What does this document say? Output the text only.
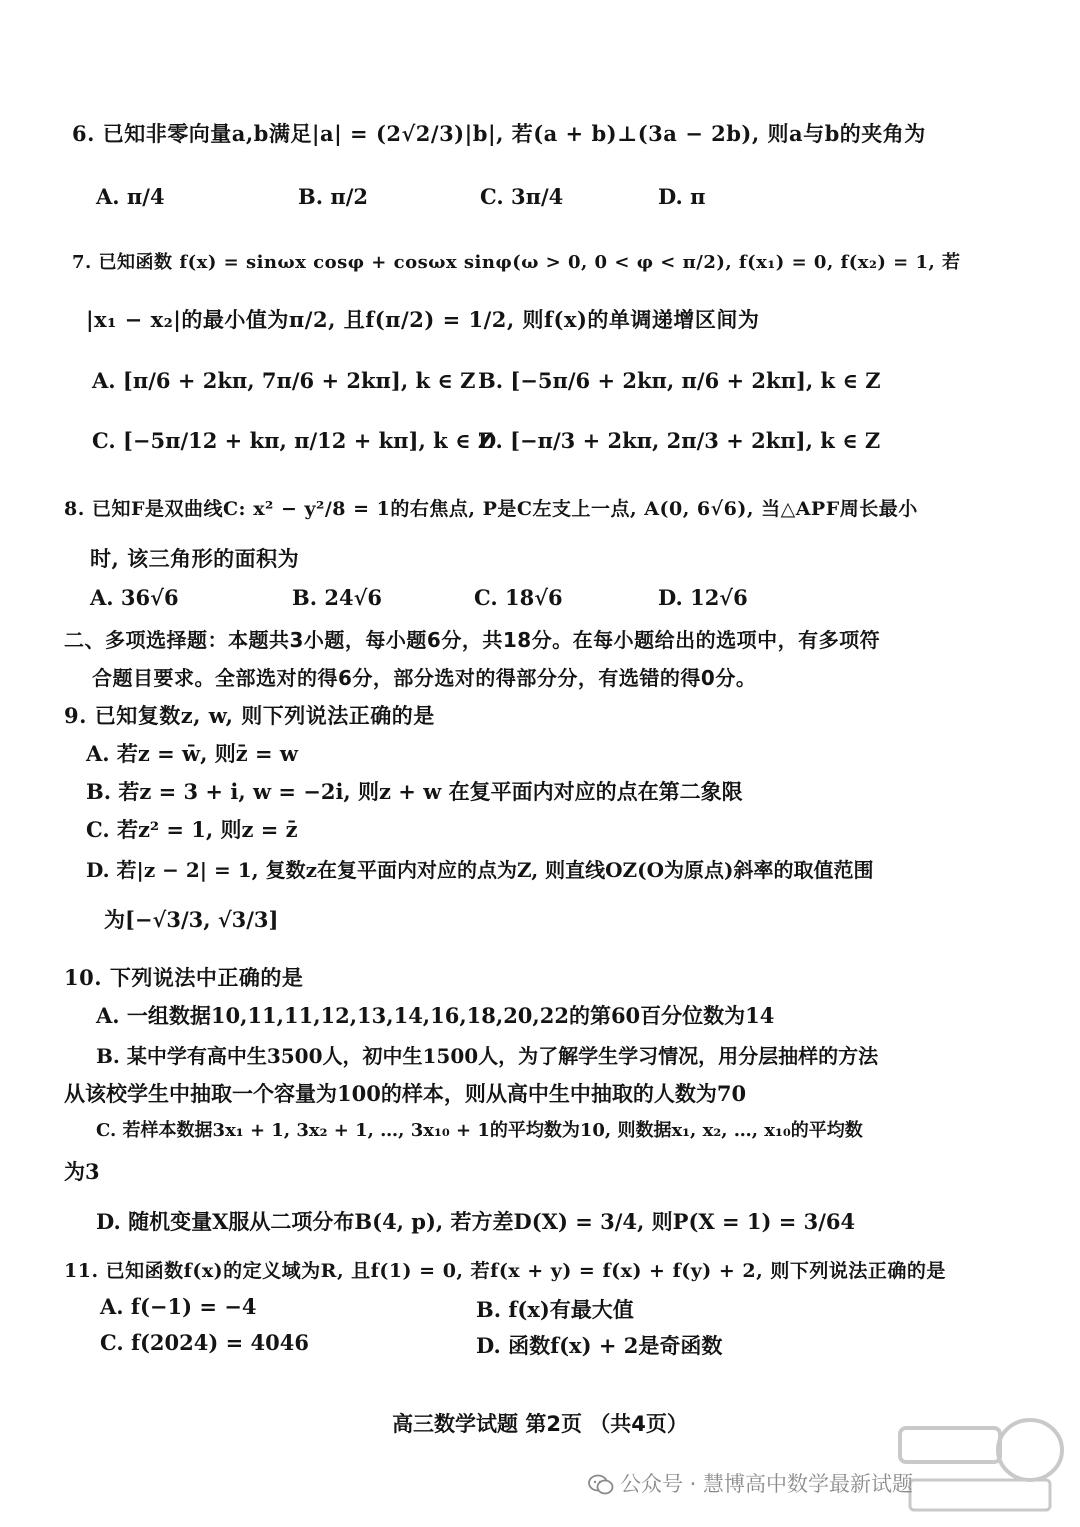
6. 已知非零向量a,b满足|a| = (2√2/3)|b|, 若(a + b)⊥(3a − 2b), 则a与b的夹角为
A. π/4	B. π/2	C. 3π/4	D. π
7. 已知函数 f(x) = sinωx cosφ + cosωx sinφ(ω > 0, 0 < φ < π/2), f(x₁) = 0, f(x₂) = 1, 若
|x₁ − x₂|的最小值为π/2, 且f(π/2) = 1/2, 则f(x)的单调递增区间为
A. [π/6 + 2kπ, 7π/6 + 2kπ], k ∈ Z B. [−5π/6 + 2kπ, π/6 + 2kπ], k ∈ Z
C. [−5π/12 + kπ, π/12 + kπ], k ∈ Z
D. [−π/3 + 2kπ, 2π/3 + 2kπ], k ∈ Z
8. 已知F是双曲线C: x² − y²/8 = 1的右焦点, P是C左支上一点, A(0, 6√6), 当△APF周长最小
时, 该三角形的面积为
A. 36√6	B. 24√6	C. 18√6	D. 12√6
二、多项选择题：本题共3小题，每小题6分，共18分。在每小题给出的选项中，有多项符
合题目要求。全部选对的得6分，部分选对的得部分分，有选错的得0分。
9. 已知复数z, w, 则下列说法正确的是
A. 若z = w̄, 则z̄ = w
B. 若z = 3 + i, w = −2i, 则z + w 在复平面内对应的点在第二象限
C. 若z² = 1, 则z = z̄
D. 若|z − 2| = 1, 复数z在复平面内对应的点为Z, 则直线OZ(O为原点)斜率的取值范围
为[−√3/3, √3/3]
10. 下列说法中正确的是
A. 一组数据10,11,11,12,13,14,16,18,20,22的第60百分位数为14
B. 某中学有高中生3500人，初中生1500人，为了解学生学习情况，用分层抽样的方法
从该校学生中抽取一个容量为100的样本，则从高中生中抽取的人数为70
C. 若样本数据3x₁ + 1, 3x₂ + 1, …, 3x₁₀ + 1的平均数为10, 则数据x₁, x₂, …, x₁₀的平均数
为3
D. 随机变量X服从二项分布B(4, p), 若方差D(X) = 3/4, 则P(X = 1) = 3/64
11. 已知函数f(x)的定义域为R, 且f(1) = 0, 若f(x + y) = f(x) + f(y) + 2, 则下列说法正确的是
A. f(−1) = −4	B. f(x)有最大值
C. f(2024) = 4046	D. 函数f(x) + 2是奇函数
高三数学试题 第2页 （共4页）
公众号 · 慧博高中数学最新试题
